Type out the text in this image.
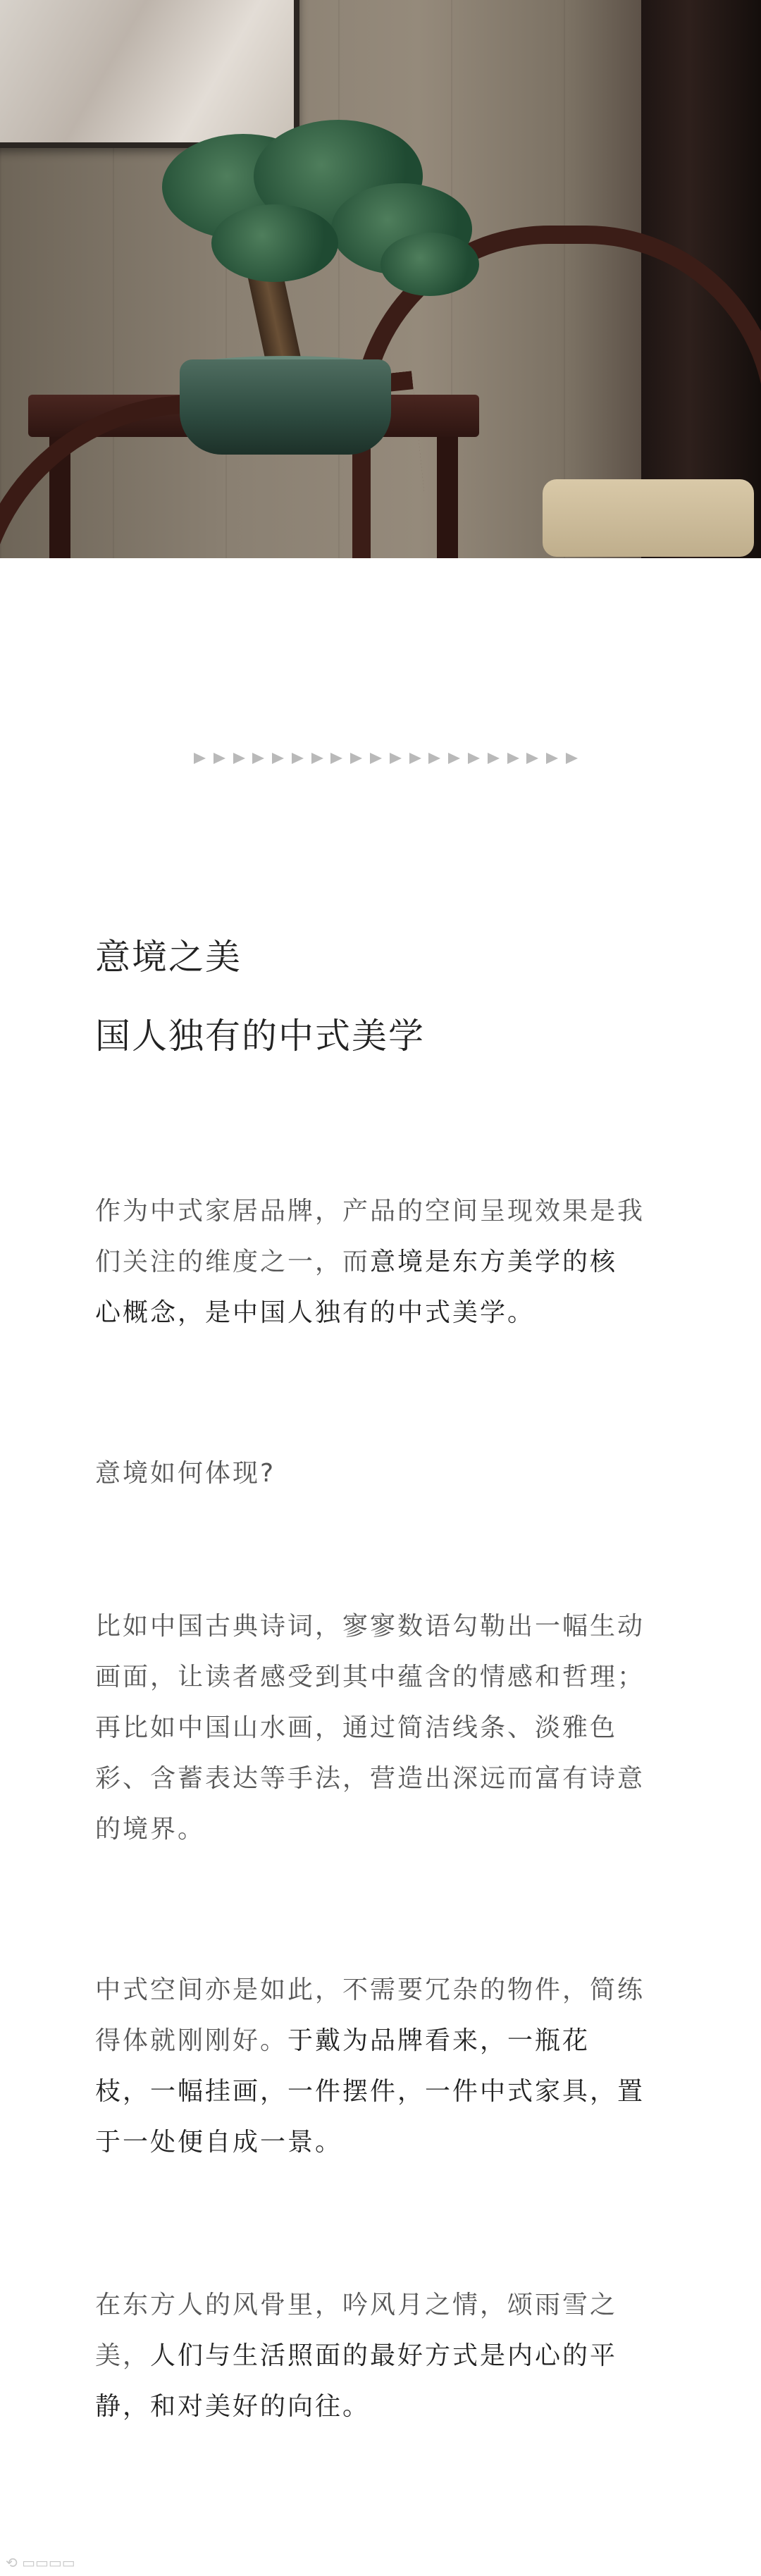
意境之美
国人独有的中式美学

作为中式家居品牌，产品的空间呈现效果是我们关注的维度之一，而意境是东方美学的核心概念，是中国人独有的中式美学。

意境如何体现?

比如中国古典诗词，寥寥数语勾勒出一幅生动画面，让读者感受到其中蕴含的情感和哲理；再比如中国山水画，通过简洁线条、淡雅色彩、含蓄表达等手法，营造出深远而富有诗意的境界。

中式空间亦是如此，不需要冗杂的物件，简练得体就刚刚好。于戴为品牌看来，一瓶花枝，一幅挂画，一件摆件，一件中式家具，置于一处便自成一景。

在东方人的风骨里，吟风月之情，颂雨雪之美，人们与生活照面的最好方式是内心的平静，和对美好的向往。

⟲ ▭▭▭▭
